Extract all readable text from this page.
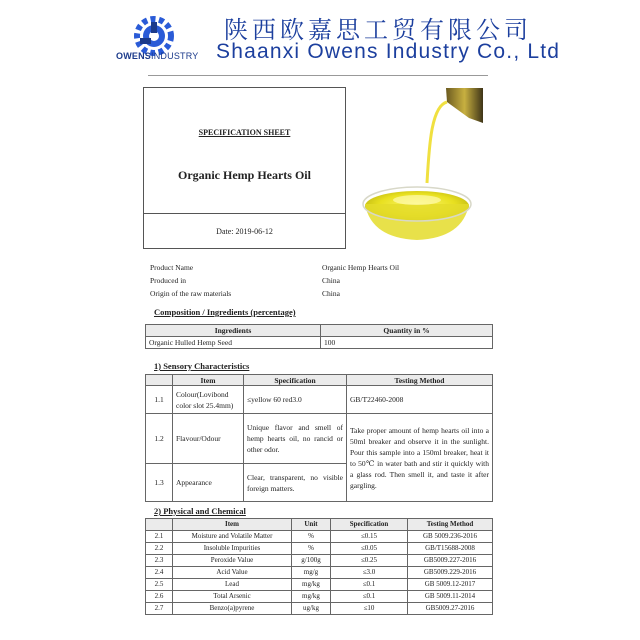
OWENSINDUSTRY
陕西欧嘉思工贸有限公司
Shaanxi Owens Industry Co., Ltd
SPECIFICATION SHEET
Organic Hemp Hearts Oil
Date: 2019-06-12
Product Name	Organic Hemp Hearts Oil
Produced in	China
Origin of the raw materials	China
Composition / Ingredients (percentage)
Ingredients	Quantity in %
Organic Hulled Hemp Seed	100
1) Sensory Characteristics
	Item	Specification	Testing Method
1.1	Colour(Lovibond color slot 25.4mm)	≤yellow 60 red3.0	GB/T22460-2008
1.2	Flavour/Odour	Unique flavor and smell of hemp hearts oil, no rancid or other odor.	Take proper amount of hemp hearts oil into a 50ml breaker and observe it in the sunlight. Pour this sample into a 150ml breaker, heat it to 50℃ in water bath and stir it quickly with a glass rod. Then smell it, and taste it after gargling.
1.3	Appearance	Clear, transparent, no visible foreign matters.	
2) Physical and Chemical
	Item	Unit	Specification	Testing Method
2.1	Moisture and Volatile Matter	%	≤0.15	GB 5009.236-2016
2.2	Insoluble Impurities	%	≤0.05	GB/T15688-2008
2.3	Peroxide Value	g/100g	≤0.25	GB5009.227-2016
2.4	Acid Value	mg/g	≤3.0	GB5009.229-2016
2.5	Lead	mg/kg	≤0.1	GB 5009.12-2017
2.6	Total Arsenic	mg/kg	≤0.1	GB 5009.11-2014
2.7	Benzo(a)pyrene	ug/kg	≤10	GB5009.27-2016
